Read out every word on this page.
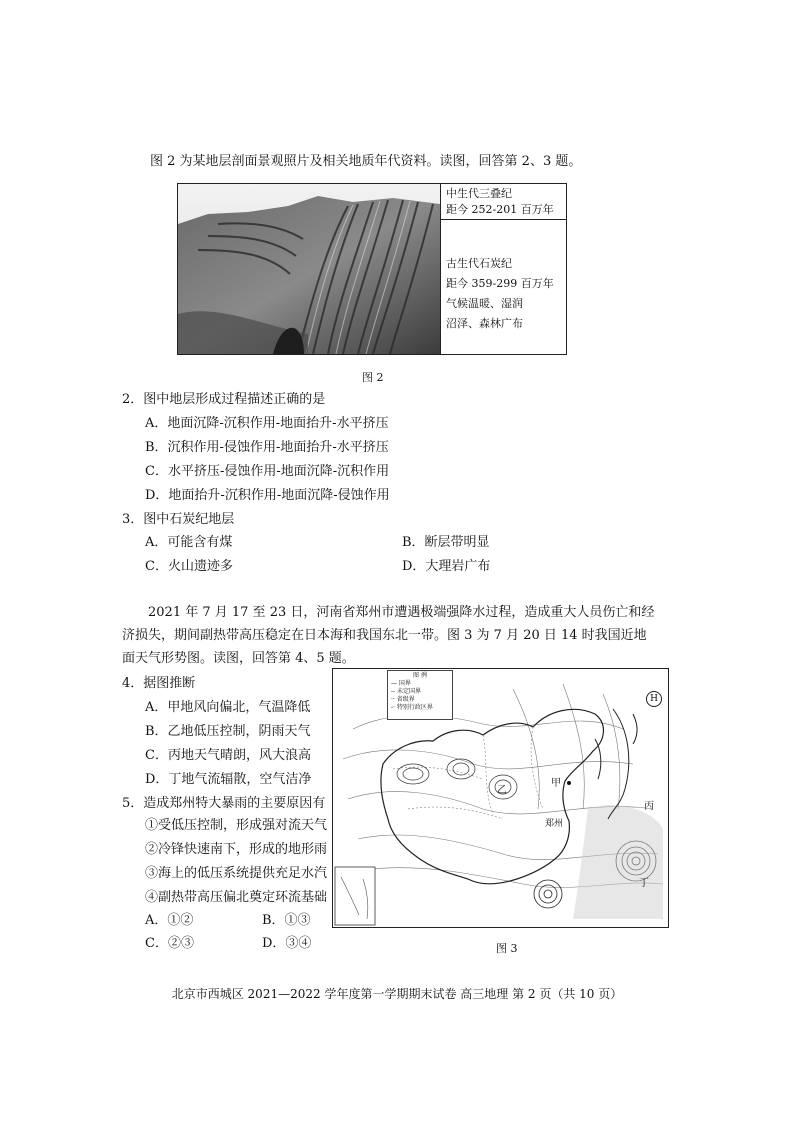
图 2 为某地层剖面景观照片及相关地质年代资料。读图，回答第 2、3 题。
中生代三叠纪
距今 252-201 百万年
古生代石炭纪
距今 359-299 百万年
气候温暖、湿润
沼泽、森林广布
图 2
2．图中地层形成过程描述正确的是
A．地面沉降-沉积作用-地面抬升-水平挤压
B．沉积作用-侵蚀作用-地面抬升-水平挤压
C．水平挤压-侵蚀作用-地面沉降-沉积作用
D．地面抬升-沉积作用-地面沉降-侵蚀作用
3．图中石炭纪地层
A．可能含有煤	B．断层带明显
C．火山遗迹多	D．大理岩广布
2021 年 7 月 17 至 23 日，河南省郑州市遭遇极端强降水过程，造成重大人员伤亡和经
济损失，期间副热带高压稳定在日本海和我国东北一带。图 3 为 7 月 20 日 14 时我国近地
面天气形势图。读图，回答第 4、5 题。
4．据图推断
A．甲地风向偏北，气温降低
B．乙地低压控制，阴雨天气
C．丙地天气晴朗，风大浪高
D．丁地气流辐散，空气洁净
5．造成郑州特大暴雨的主要原因有
①受低压控制，形成强对流天气
②冷锋快速南下，形成的地形雨
③海上的低压系统提供充足水汽
④副热带高压偏北奠定环流基础
A．①②	B．①③
C．②③	D．③④
图 例
— 国界
-- 未定国界
·· 省级界
-· 特别行政区界
甲
乙
丙
丁
H
郑州
图 3
北京市西城区 2021—2022 学年度第一学期期末试卷 高三地理 第 2 页（共 10 页）
